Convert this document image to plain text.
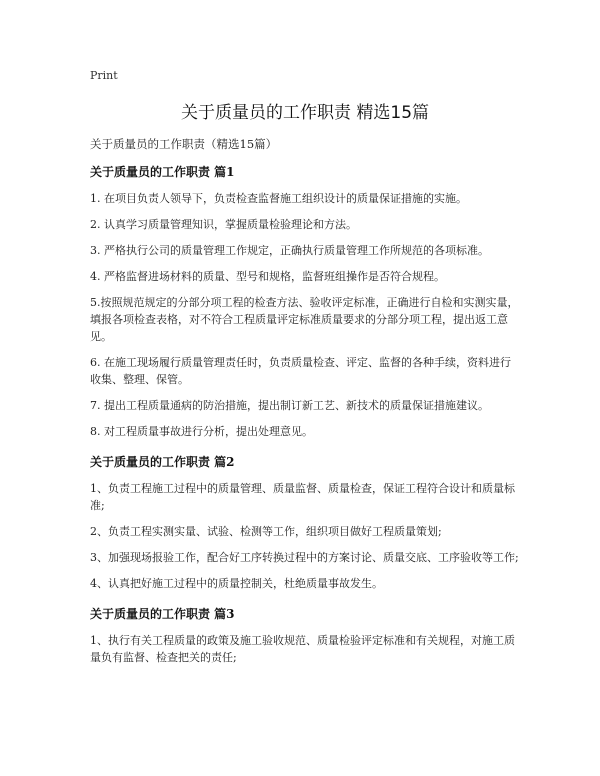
Print
关于质量员的工作职责 精选15篇

关于质量员的工作职责（精选15篇）

关于质量员的工作职责 篇1

1. 在项目负责人领导下，负责检查监督施工组织设计的质量保证措施的实施。

2. 认真学习质量管理知识，掌握质量检验理论和方法。

3. 严格执行公司的质量管理工作规定，正确执行质量管理工作所规范的各项标准。

4. 严格监督进场材料的质量、型号和规格，监督班组操作是否符合规程。

5.按照规范规定的分部分项工程的检查方法、验收评定标准，正确进行自检和实测实量，填报各项检查表格，对不符合工程质量评定标准质量要求的分部分项工程，提出返工意见。

6. 在施工现场履行质量管理责任时，负责质量检查、评定、监督的各种手续，资料进行收集、整理、保管。

7. 提出工程质量通病的防治措施，提出制订新工艺、新技术的质量保证措施建议。

8. 对工程质量事故进行分析，提出处理意见。

关于质量员的工作职责 篇2

1、负责工程施工过程中的质量管理、质量监督、质量检查，保证工程符合设计和质量标准;

2、负责工程实测实量、试验、检测等工作，组织项目做好工程质量策划;

3、加强现场报验工作，配合好工序转换过程中的方案讨论、质量交底、工序验收等工作;

4、认真把好施工过程中的质量控制关，杜绝质量事故发生。

关于质量员的工作职责 篇3

1、执行有关工程质量的政策及施工验收规范、质量检验评定标准和有关规程，对施工质量负有监督、检查把关的责任;
